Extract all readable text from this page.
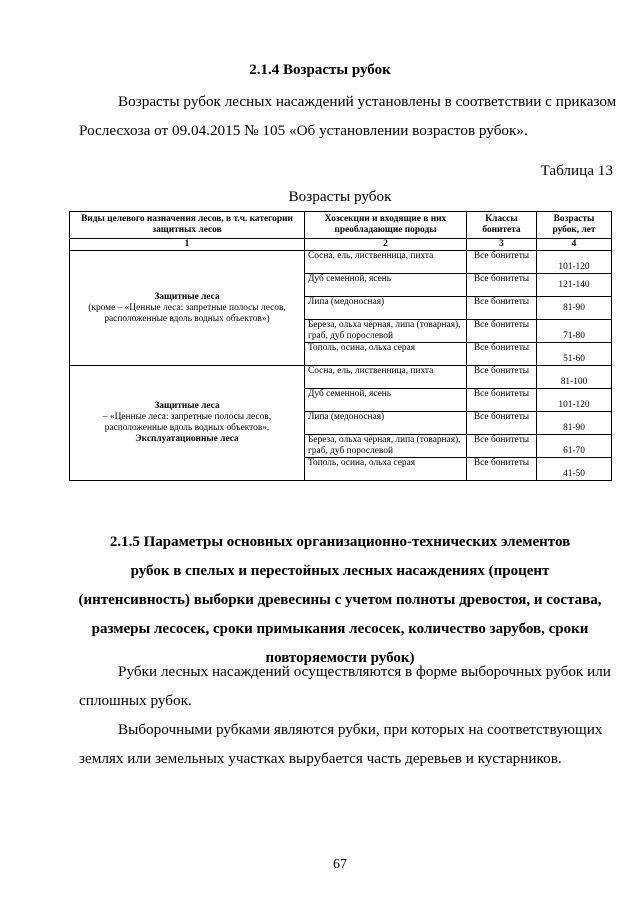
2.1.4 Возрасты рубок
Возрасты рубок лесных насаждений установлены в соответствии с приказом
Рослесхоза от 09.04.2015 № 105 «Об установлении возрастов рубок».
Таблица 13
Возрасты рубок
Виды целевого назначения лесов, в т.ч. категории защитных лесов	Хозсекции и входящие в них преобладающие породы	Классы бонитета	Возрасты рубок, лет
1	2	3	4

Защитные леса
(кроме – «Ценные леса: запретные полосы лесов, расположенные вдоль водных объектов»)	Сосна, ель, лиственница, пихта	Все бонитеты	101-120
	Дуб семенной, ясень	Все бонитеты	121-140
	Липа (медоносная)	Все бонитеты	81-90
	Береза, ольха чёрная, липа (товарная), граб, дуб порослевой	Все бонитеты	71-80
	Тополь, осина, ольха серая	Все бонитеты	51-60

Защитные леса
– «Ценные леса: запретные полосы лесов, расположенные вдоль водных объектов».
Эксплуатационные леса	Сосна, ель, лиственница, пихта	Все бонитеты	81-100
	Дуб семенной, ясень	Все бонитеты	101-120
	Липа (медоносная)	Все бонитеты	81-90
	Береза, ольха чёрная, липа (товарная), граб, дуб порослевой	Все бонитеты	61-70
	Тополь, осина, ольха серая	Все бонитеты	41-50
2.1.5 Параметры основных организационно-технических элементов
рубок в спелых и перестойных лесных насаждениях (процент
(интенсивность) выборки древесины с учетом полноты древостоя, и состава,
размеры лесосек, сроки примыкания лесосек, количество зарубов, сроки
повторяемости рубок)
Рубки лесных насаждений осуществляются в форме выборочных рубок или
сплошных рубок.
Выборочными рубками являются рубки, при которых на соответствующих
землях или земельных участках вырубается часть деревьев и кустарников.
67
